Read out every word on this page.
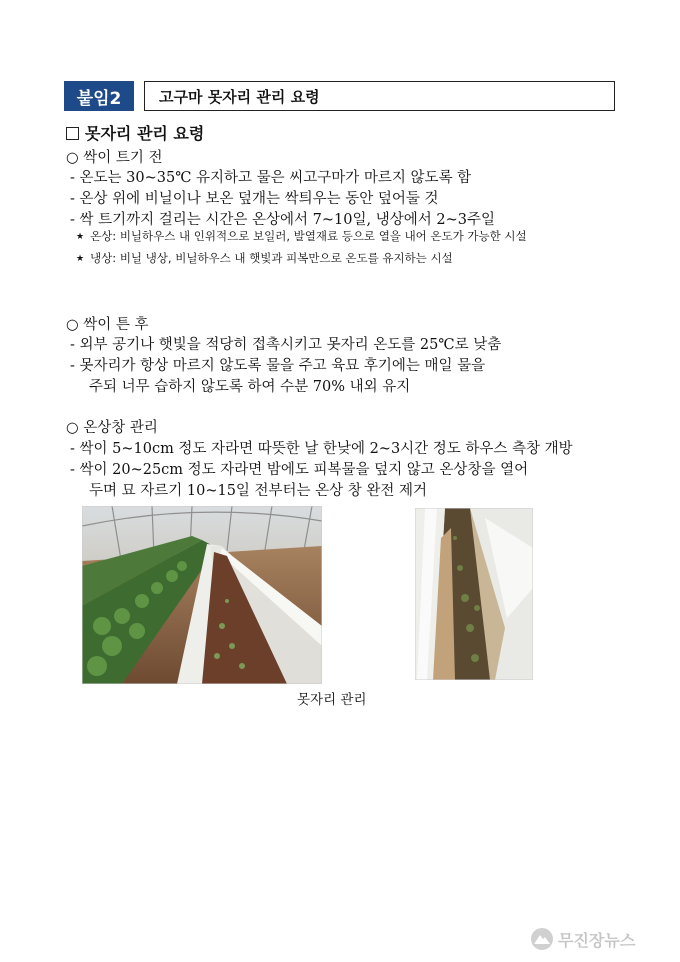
붙임2	고구마 못자리 관리 요령
못자리 관리 요령
○ 싹이 트기 전
- 온도는 30~35℃ 유지하고 물은 씨고구마가 마르지 않도록 함
- 온상 위에 비닐이나 보온 덮개는 싹틔우는 동안 덮어둘 것
- 싹 트기까지 걸리는 시간은 온상에서 7~10일, 냉상에서 2~3주일
★ 온상: 비닐하우스 내 인위적으로 보일러, 발열재료 등으로 열을 내어 온도가 가능한 시설
★ 냉상: 비닐 냉상, 비닐하우스 내 햇빛과 피복만으로 온도를 유지하는 시설
○ 싹이 튼 후
- 외부 공기나 햇빛을 적당히 접촉시키고 못자리 온도를 25℃로 낮춤
- 못자리가 항상 마르지 않도록 물을 주고 육묘 후기에는 매일 물을
주되 너무 습하지 않도록 하여 수분 70% 내외 유지
○ 온상창 관리
- 싹이 5~10cm 정도 자라면 따뜻한 날 한낮에 2~3시간 정도 하우스 측창 개방
- 싹이 20~25cm 정도 자라면 밤에도 피복물을 덮지 않고 온상창을 열어
두며 묘 자르기 10~15일 전부터는 온상 창 완전 제거
못자리 관리
무진장뉴스
